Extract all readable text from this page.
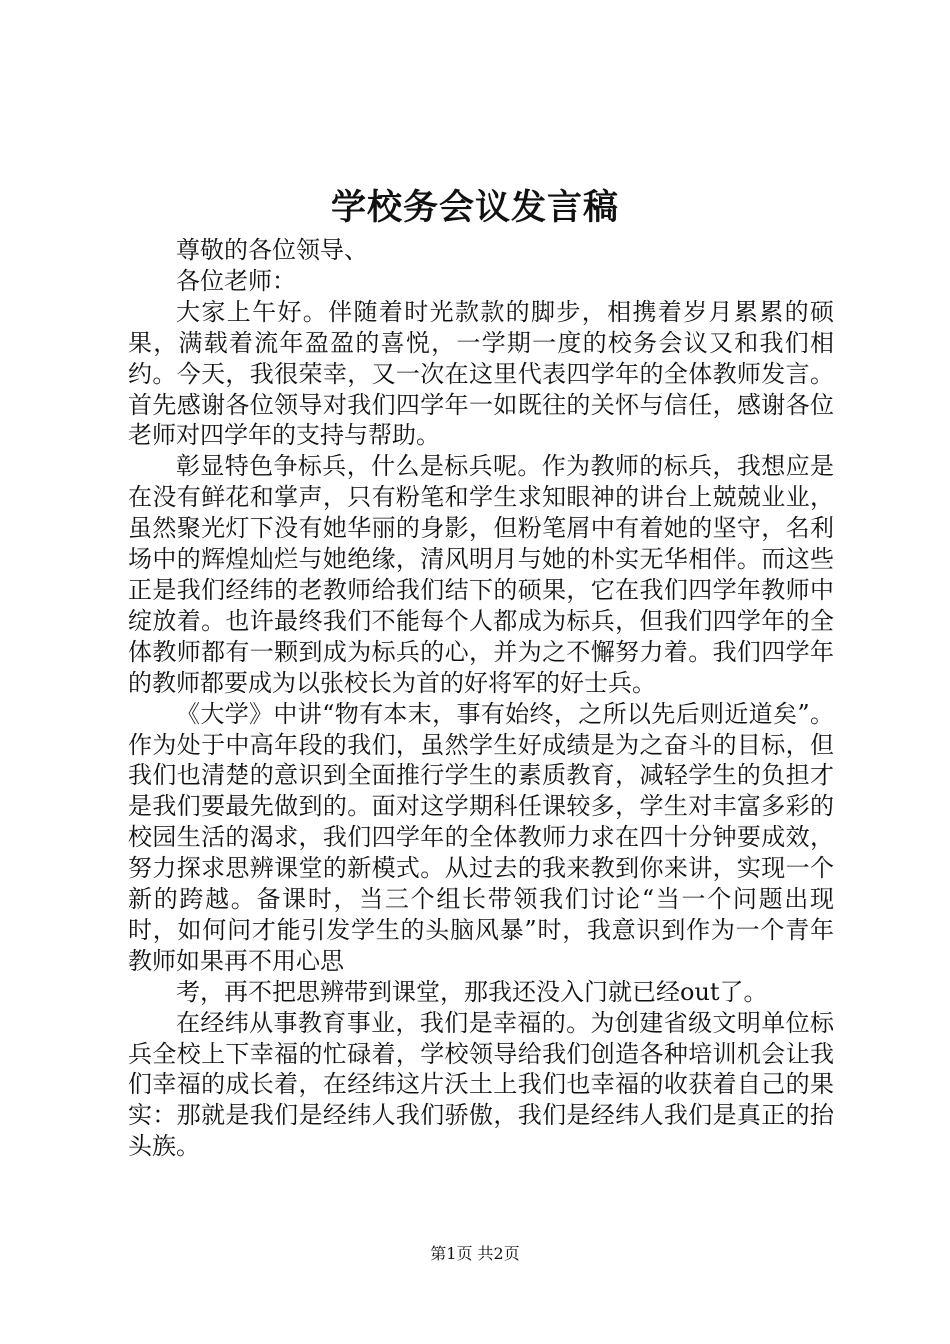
学校务会议发言稿

尊敬的各位领导、

各位老师：

大家上午好。伴随着时光款款的脚步，相携着岁月累累的硕果，满载着流年盈盈的喜悦，一学期一度的校务会议又和我们相约。今天，我很荣幸，又一次在这里代表四学年的全体教师发言。首先感谢各位领导对我们四学年一如既往的关怀与信任，感谢各位老师对四学年的支持与帮助。

彰显特色争标兵，什么是标兵呢。作为教师的标兵，我想应是在没有鲜花和掌声，只有粉笔和学生求知眼神的讲台上兢兢业业，虽然聚光灯下没有她华丽的身影，但粉笔屑中有着她的坚守，名利场中的辉煌灿烂与她绝缘，清风明月与她的朴实无华相伴。而这些正是我们经纬的老教师给我们结下的硕果，它在我们四学年教师中绽放着。也许最终我们不能每个人都成为标兵，但我们四学年的全体教师都有一颗到成为标兵的心，并为之不懈努力着。我们四学年的教师都要成为以张校长为首的好将军的好士兵。

《大学》中讲“物有本末，事有始终，之所以先后则近道矣”。作为处于中高年段的我们，虽然学生好成绩是为之奋斗的目标，但我们也清楚的意识到全面推行学生的素质教育，减轻学生的负担才是我们要最先做到的。面对这学期科任课较多，学生对丰富多彩的校园生活的渴求，我们四学年的全体教师力求在四十分钟要成效，努力探求思辨课堂的新模式。从过去的我来教到你来讲，实现一个新的跨越。备课时，当三个组长带领我们讨论“当一个问题出现时，如何问才能引发学生的头脑风暴”时，我意识到作为一个青年教师如果再不用心思

考，再不把思辨带到课堂，那我还没入门就已经out了。

在经纬从事教育事业，我们是幸福的。为创建省级文明单位标兵全校上下幸福的忙碌着，学校领导给我们创造各种培训机会让我们幸福的成长着，在经纬这片沃土上我们也幸福的收获着自己的果实：那就是我们是经纬人我们骄傲，我们是经纬人我们是真正的抬头族。

第1页 共2页
